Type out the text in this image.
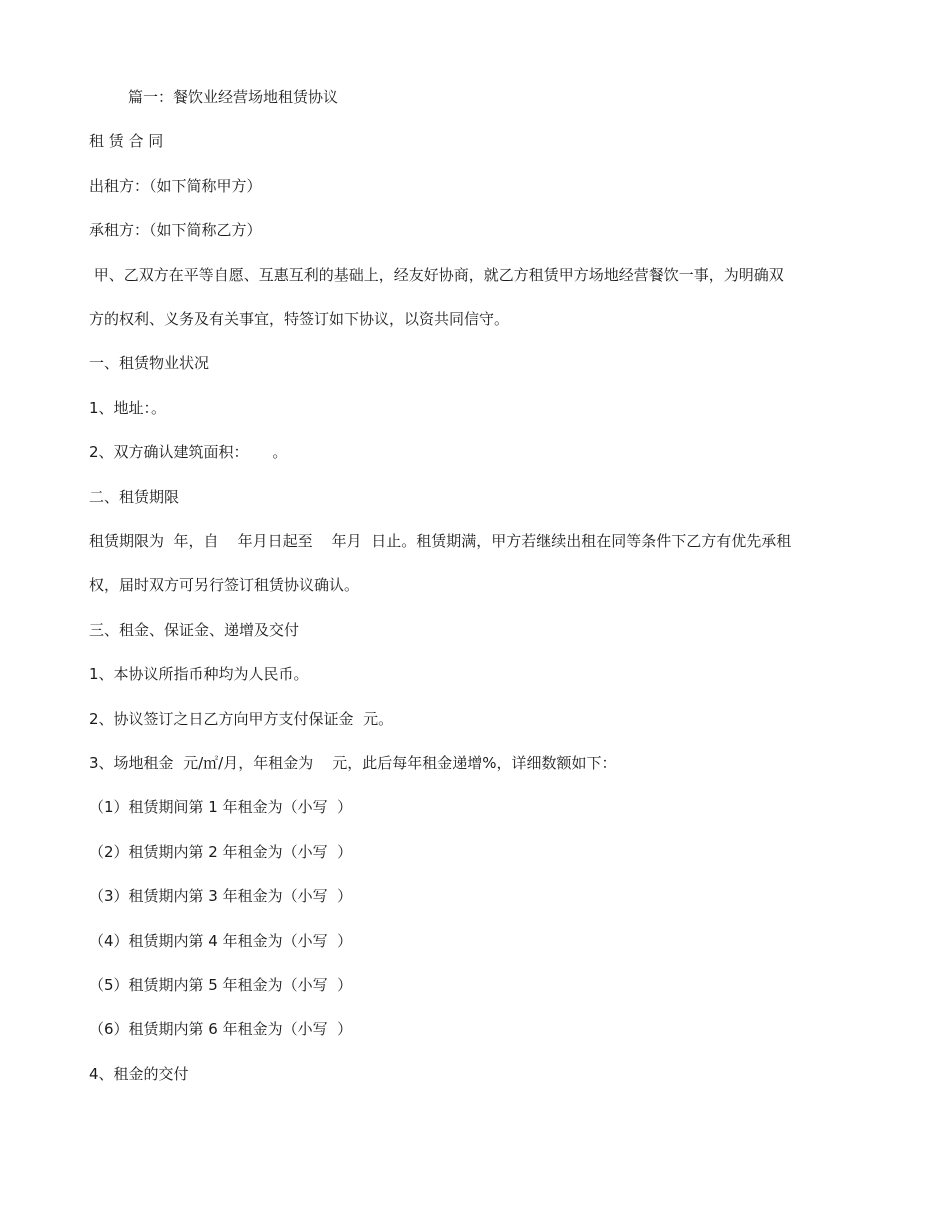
篇一：餐饮业经营场地租赁协议
租 赁 合 同
出租方：（如下简称甲方）
承租方：（如下简称乙方）
甲、乙双方在平等自愿、互惠互利的基础上，经友好协商，就乙方租赁甲方场地经营餐饮一事，为明确双
方的权利、义务及有关事宜，特签订如下协议，以资共同信守。
一、租赁物业状况
1、地址：。
2、双方确认建筑面积：     。
二、租赁期限
租赁期限为  年，自    年月日起至    年月  日止。租赁期满，甲方若继续出租在同等条件下乙方有优先承租
权，届时双方可另行签订租赁协议确认。
三、租金、保证金、递增及交付
1、本协议所指币种均为人民币。
2、协议签订之日乙方向甲方支付保证金  元。
3、场地租金  元/㎡/月，年租金为    元，此后每年租金递增%，详细数额如下：
（1）租赁期间第 1 年租金为（小写  ）
（2）租赁期内第 2 年租金为（小写  ）
（3）租赁期内第 3 年租金为（小写  ）
（4）租赁期内第 4 年租金为（小写  ）
（5）租赁期内第 5 年租金为（小写  ）
（6）租赁期内第 6 年租金为（小写  ）
4、租金的交付
